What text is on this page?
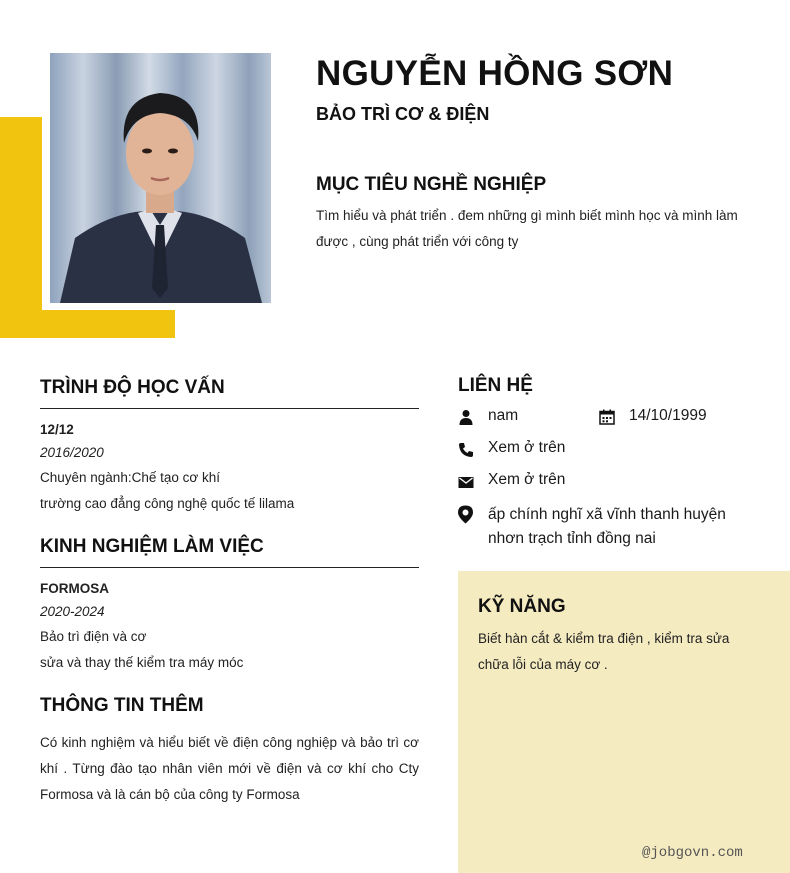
NGUYỄN HỒNG SƠN
BẢO TRÌ CƠ & ĐIỆN
MỤC TIÊU NGHỀ NGHIỆP
Tìm hiểu và phát triển . đem những gì mình biết mình học và mình làm được , cùng phát triển với công ty
TRÌNH ĐỘ HỌC VẤN
12/12
2016/2020
Chuyên ngành:Chế tạo cơ khí
trường cao đẳng công nghệ quốc tế lilama
KINH NGHIỆM LÀM VIỆC
FORMOSA
2020-2024
Bảo trì điện và cơ
sửa và thay thế kiểm tra máy móc
THÔNG TIN THÊM
Có kinh nghiệm và hiểu biết về điện công nghiệp và bảo trì cơ khí . Từng đào tạo nhân viên mới về điện và cơ khí cho Cty Formosa và là cán bộ của công ty Formosa
LIÊN HỆ
nam	14/10/1999
Xem ở trên
Xem ở trên
ấp chính nghĩ xã vĩnh thanh huyện nhơn trạch tỉnh đồng nai
KỸ NĂNG
Biết hàn cắt & kiểm tra điện , kiểm tra sửa chữa lỗi của máy cơ .
@jobgovn.com
